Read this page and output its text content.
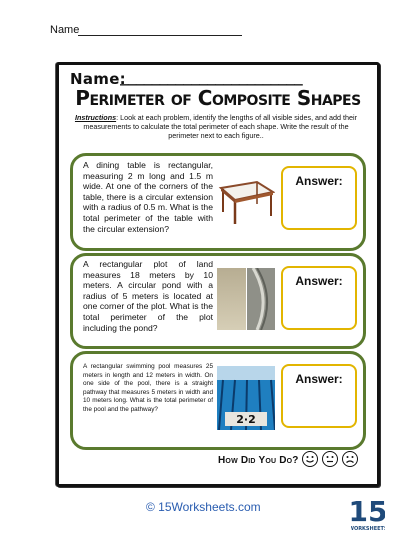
Name
Name:
_______________________
Perimeter of Composite Shapes
Instructions: Look at each problem, identify the lengths of all visible sides, and add their measurements to calculate the total perimeter of each shape. Write the result of the perimeter next to each figure..
A dining table is rectangular, measuring 2 m long and 1.5 m wide. At one of the corners of the table, there is a circular extension with a radius of 0.5 m. What is the total perimeter of the table with the circular extension?
Answer:
A rectangular plot of land measures 18 meters by 10 meters. A circular pond with a radius of 5 meters is located at one corner of the plot. What is the total perimeter of the plot including the pond?
Answer:
A rectangular swimming pool measures 25 meters in length and 12 meters in width. On one side of the pool, there is a straight pathway that measures 5 meters in width and 10 meters long. What is the total perimeter of the pool and the pathway?
2·2
Answer:
How Did You Do?
© 15Worksheets.com	15
WORKSHEET
